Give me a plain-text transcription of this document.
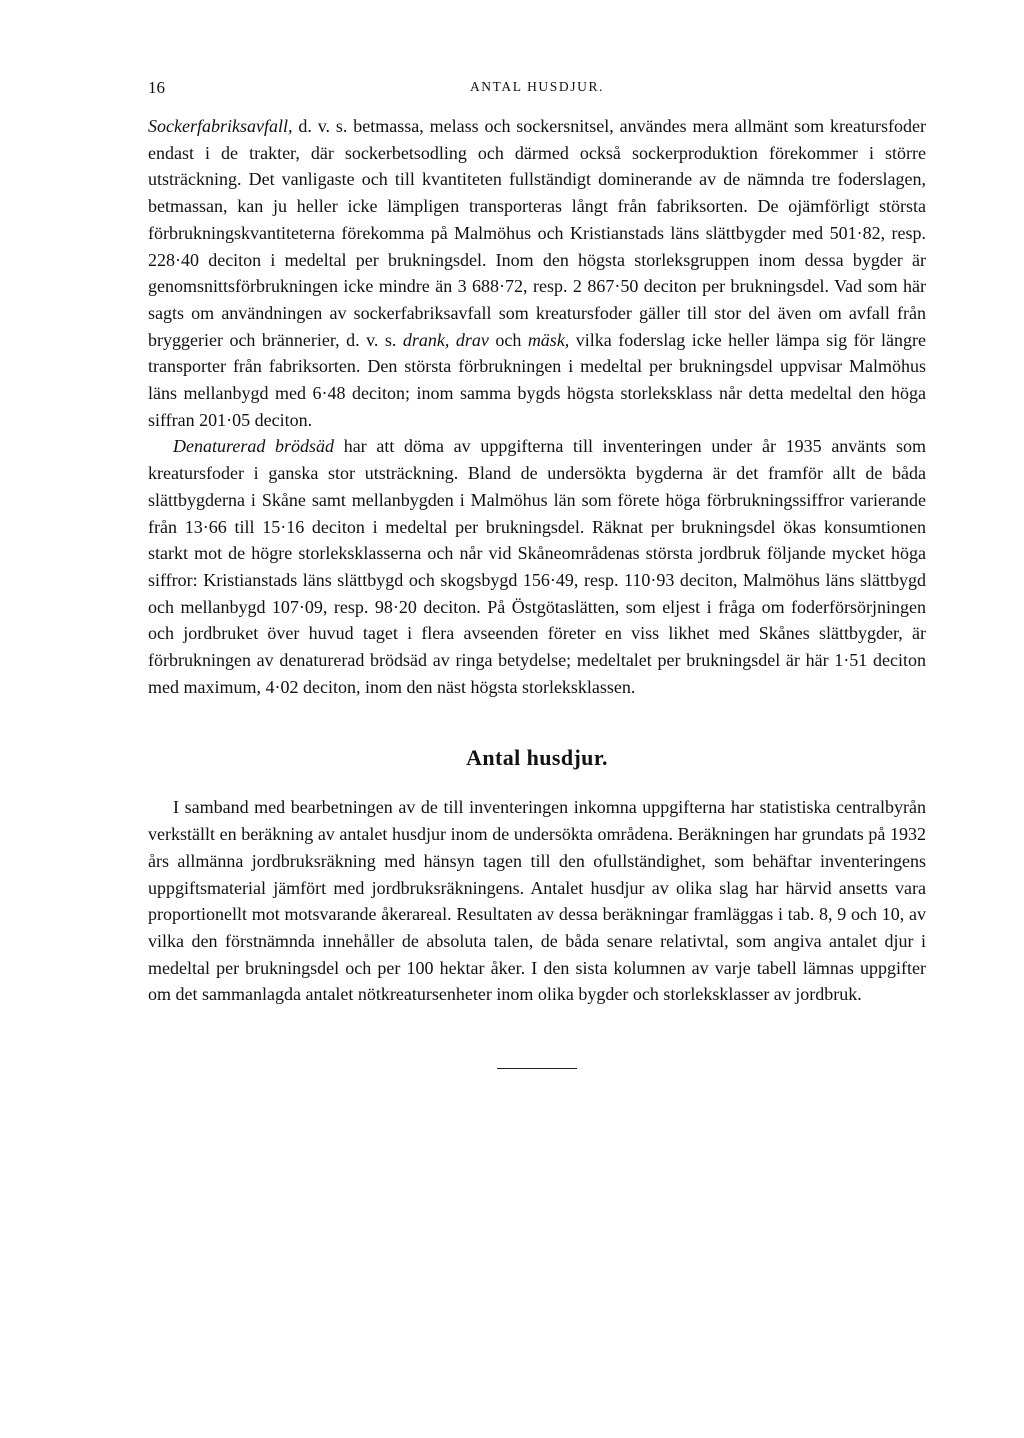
16	ANTAL HUSDJUR.

Sockerfabriksavfall, d. v. s. betmassa, melass och sockersnitsel, användes mera allmänt som kreatursfoder endast i de trakter, där sockerbetsodling och därmed också sockerproduktion förekommer i större utsträckning. Det vanligaste och till kvantiteten fullständigt dominerande av de nämnda tre foderslagen, betmassan, kan ju heller icke lämpligen transporteras långt från fabriksorten. De ojämförligt största förbrukningskvantiteterna förekomma på Malmöhus och Kristianstads läns slättbygder med 501·82, resp. 228·40 deciton i medeltal per brukningsdel. Inom den högsta storleksgruppen inom dessa bygder är genomsnittsförbrukningen icke mindre än 3 688·72, resp. 2 867·50 deciton per brukningsdel. Vad som här sagts om användningen av sockerfabriksavfall som kreatursfoder gäller till stor del även om avfall från bryggerier och brännerier, d. v. s. drank, drav och mäsk, vilka foderslag icke heller lämpa sig för längre transporter från fabriksorten. Den största förbrukningen i medeltal per brukningsdel uppvisar Malmöhus läns mellanbygd med 6·48 deciton; inom samma bygds högsta storleksklass når detta medeltal den höga siffran 201·05 deciton.

Denaturerad brödsäd har att döma av uppgifterna till inventeringen under år 1935 använts som kreatursfoder i ganska stor utsträckning. Bland de undersökta bygderna är det framför allt de båda slättbygderna i Skåne samt mellanbygden i Malmöhus län som förete höga förbrukningssiffror varierande från 13·66 till 15·16 deciton i medeltal per brukningsdel. Räknat per brukningsdel ökas konsumtionen starkt mot de högre storleksklasserna och når vid Skåneområdenas största jordbruk följande mycket höga siffror: Kristianstads läns slättbygd och skogsbygd 156·49, resp. 110·93 deciton, Malmöhus läns slättbygd och mellanbygd 107·09, resp. 98·20 deciton. På Östgötaslätten, som eljest i fråga om foderförsörjningen och jordbruket över huvud taget i flera avseenden företer en viss likhet med Skånes slättbygder, är förbrukningen av denaturerad brödsäd av ringa betydelse; medeltalet per brukningsdel är här 1·51 deciton med maximum, 4·02 deciton, inom den näst högsta storleksklassen.

Antal husdjur.

I samband med bearbetningen av de till inventeringen inkomna uppgifterna har statistiska centralbyrån verkställt en beräkning av antalet husdjur inom de undersökta områdena. Beräkningen har grundats på 1932 års allmänna jordbruksräkning med hänsyn tagen till den ofullständighet, som behäftar inventeringens uppgiftsmaterial jämfört med jordbruksräkningens. Antalet husdjur av olika slag har härvid ansetts vara proportionellt mot motsvarande åkerareal. Resultaten av dessa beräkningar framläggas i tab. 8, 9 och 10, av vilka den förstnämnda innehåller de absoluta talen, de båda senare relativtal, som angiva antalet djur i medeltal per brukningsdel och per 100 hektar åker. I den sista kolumnen av varje tabell lämnas uppgifter om det sammanlagda antalet nötkreatursenheter inom olika bygder och storleksklasser av jordbruk.
